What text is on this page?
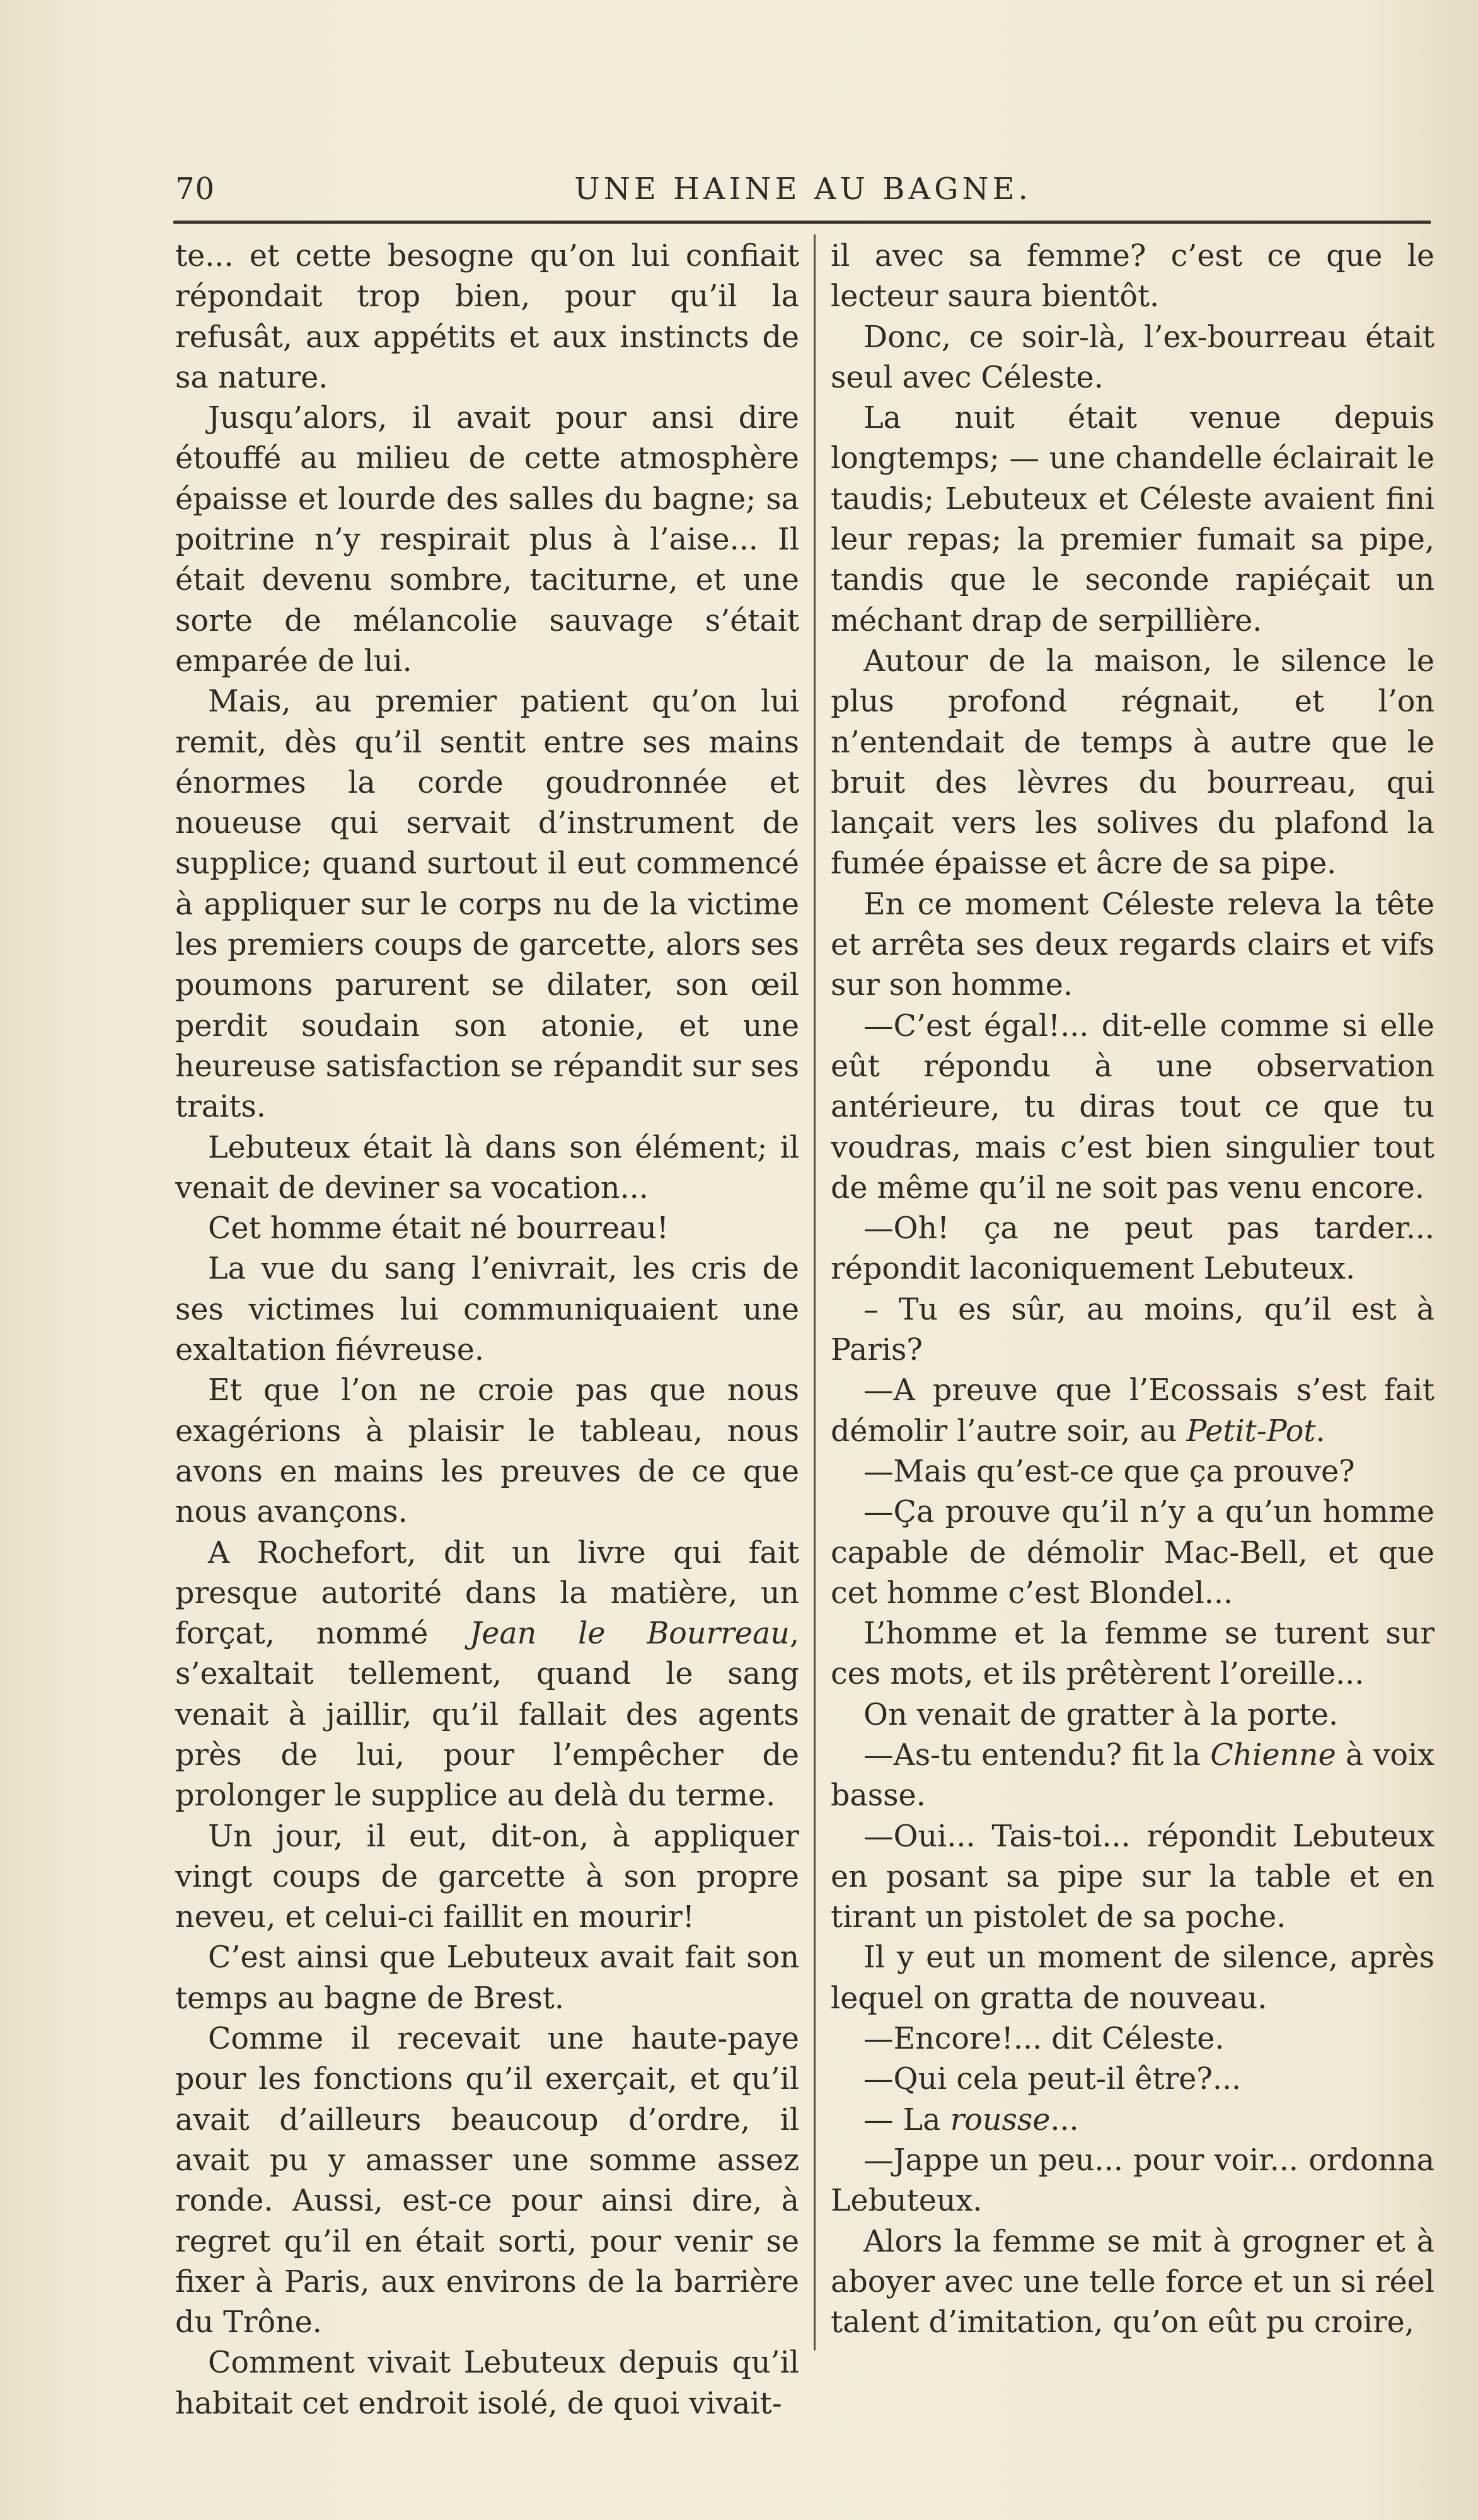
70	UNE HAINE AU BAGNE.

te... et cette besogne qu’on lui confiait répondait trop bien, pour qu’il la refusât, aux appétits et aux instincts de sa nature.

Jusqu’alors, il avait pour ansi dire étouffé au milieu de cette atmosphère épaisse et lourde des salles du bagne; sa poitrine n’y respirait plus à l’aise... Il était devenu sombre, taciturne, et une sorte de mélancolie sauvage s’était emparée de lui.

Mais, au premier patient qu’on lui remit, dès qu’il sentit entre ses mains énormes la corde goudronnée et noueuse qui servait d’instrument de supplice; quand surtout il eut commencé à appliquer sur le corps nu de la victime les premiers coups de garcette, alors ses poumons parurent se dilater, son œil perdit soudain son atonie, et une heureuse satisfaction se répandit sur ses traits.

Lebuteux était là dans son élément; il venait de deviner sa vocation...

Cet homme était né bourreau!

La vue du sang l’enivrait, les cris de ses victimes lui communiquaient une exaltation fiévreuse.

Et que l’on ne croie pas que nous exagérions à plaisir le tableau, nous avons en mains les preuves de ce que nous avançons.

A Rochefort, dit un livre qui fait presque autorité dans la matière, un forçat, nommé Jean le Bourreau, s’exaltait tellement, quand le sang venait à jaillir, qu’il fallait des agents près de lui, pour l’empêcher de prolonger le supplice au delà du terme.

Un jour, il eut, dit-on, à appliquer vingt coups de garcette à son propre neveu, et celui-ci faillit en mourir!

C’est ainsi que Lebuteux avait fait son temps au bagne de Brest.

Comme il recevait une haute-paye pour les fonctions qu’il exerçait, et qu’il avait d’ailleurs beaucoup d’ordre, il avait pu y amasser une somme assez ronde. Aussi, est-ce pour ainsi dire, à regret qu’il en était sorti, pour venir se fixer à Paris, aux environs de la barrière du Trône.

Comment vivait Lebuteux depuis qu’il habitait cet endroit isolé, de quoi vivait-

il avec sa femme? c’est ce que le lecteur saura bientôt.

Donc, ce soir-là, l’ex-bourreau était seul avec Céleste.

La nuit était venue depuis longtemps; — une chandelle éclairait le taudis; Lebuteux et Céleste avaient fini leur repas; la premier fumait sa pipe, tandis que le seconde rapiéçait un méchant drap de serpillière.

Autour de la maison, le silence le plus profond régnait, et l’on n’entendait de temps à autre que le bruit des lèvres du bourreau, qui lançait vers les solives du plafond la fumée épaisse et âcre de sa pipe.

En ce moment Céleste releva la tête et arrêta ses deux regards clairs et vifs sur son homme.

—C’est égal!... dit-elle comme si elle eût répondu à une observation antérieure, tu diras tout ce que tu voudras, mais c’est bien singulier tout de même qu’il ne soit pas venu encore.

—Oh! ça ne peut pas tarder... répondit laconiquement Lebuteux.

– Tu es sûr, au moins, qu’il est à Paris?

—A preuve que l’Ecossais s’est fait démolir l’autre soir, au Petit-Pot.

—Mais qu’est-ce que ça prouve?

—Ça prouve qu’il n’y a qu’un homme capable de démolir Mac-Bell, et que cet homme c’est Blondel...

L’homme et la femme se turent sur ces mots, et ils prêtèrent l’oreille...

On venait de gratter à la porte.

—As-tu entendu? fit la Chienne à voix basse.

—Oui... Tais-toi... répondit Lebuteux en posant sa pipe sur la table et en tirant un pistolet de sa poche.

Il y eut un moment de silence, après lequel on gratta de nouveau.

—Encore!... dit Céleste.

—Qui cela peut-il être?...

— La rousse...

—Jappe un peu... pour voir... ordonna Lebuteux.

Alors la femme se mit à grogner et à aboyer avec une telle force et un si réel talent d’imitation, qu’on eût pu croire,
